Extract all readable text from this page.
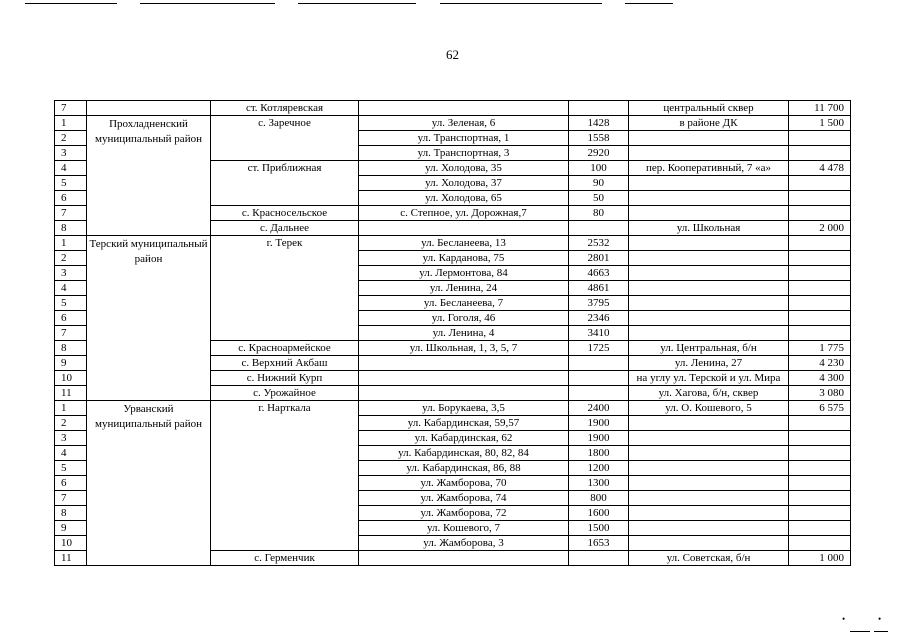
62
7		ст. Котляревская			центральный сквер	11 700
1	Прохладненский муниципальный район	с. Заречное	ул. Зеленая, 6	1428	в районе ДК	1 500
2			ул. Транспортная, 1	1558		
3			ул. Транспортная, 3	2920		
4		ст. Приближная	ул. Холодова, 35	100	пер. Кооперативный, 7 «а»	4 478
5			ул. Холодова, 37	90		
6			ул. Холодова, 65	50		
7		с. Красносельское	с. Степное, ул. Дорожная,7	80		
8		с. Дальнее			ул. Школьная	2 000
1	Терский муниципальный район	г. Терек	ул. Бесланеева, 13	2532		
2			ул. Карданова, 75	2801		
3			ул. Лермонтова, 84	4663		
4			ул. Ленина, 24	4861		
5			ул. Бесланеева, 7	3795		
6			ул. Гоголя, 46	2346		
7			ул. Ленина, 4	3410		
8		с. Красноармейское	ул. Школьная, 1, 3, 5, 7	1725	ул. Центральная, б/н	1 775
9		с. Верхний Акбаш			ул. Ленина, 27	4 230
10		с. Нижний Курп			на углу ул. Терской и ул. Мира	4 300
11		с. Урожайное			ул. Хагова, б/н, сквер	3 080
1	Урванский муниципальный район	г. Нарткала	ул. Борукаева, 3,5	2400	ул. О. Кошевого, 5	6 575
2			ул. Кабардинская, 59,57	1900		
3			ул. Кабардинская, 62	1900		
4			ул. Кабардинская, 80, 82, 84	1800		
5			ул. Кабардинская, 86, 88	1200		
6			ул. Жамборова, 70	1300		
7			ул. Жамборова, 74	800		
8			ул. Жамборова, 72	1600		
9			ул. Кошевого, 7	1500		
10			ул. Жамборова, 3	1653		
11		с. Герменчик			ул. Советская, б/н	1 000
•	•
